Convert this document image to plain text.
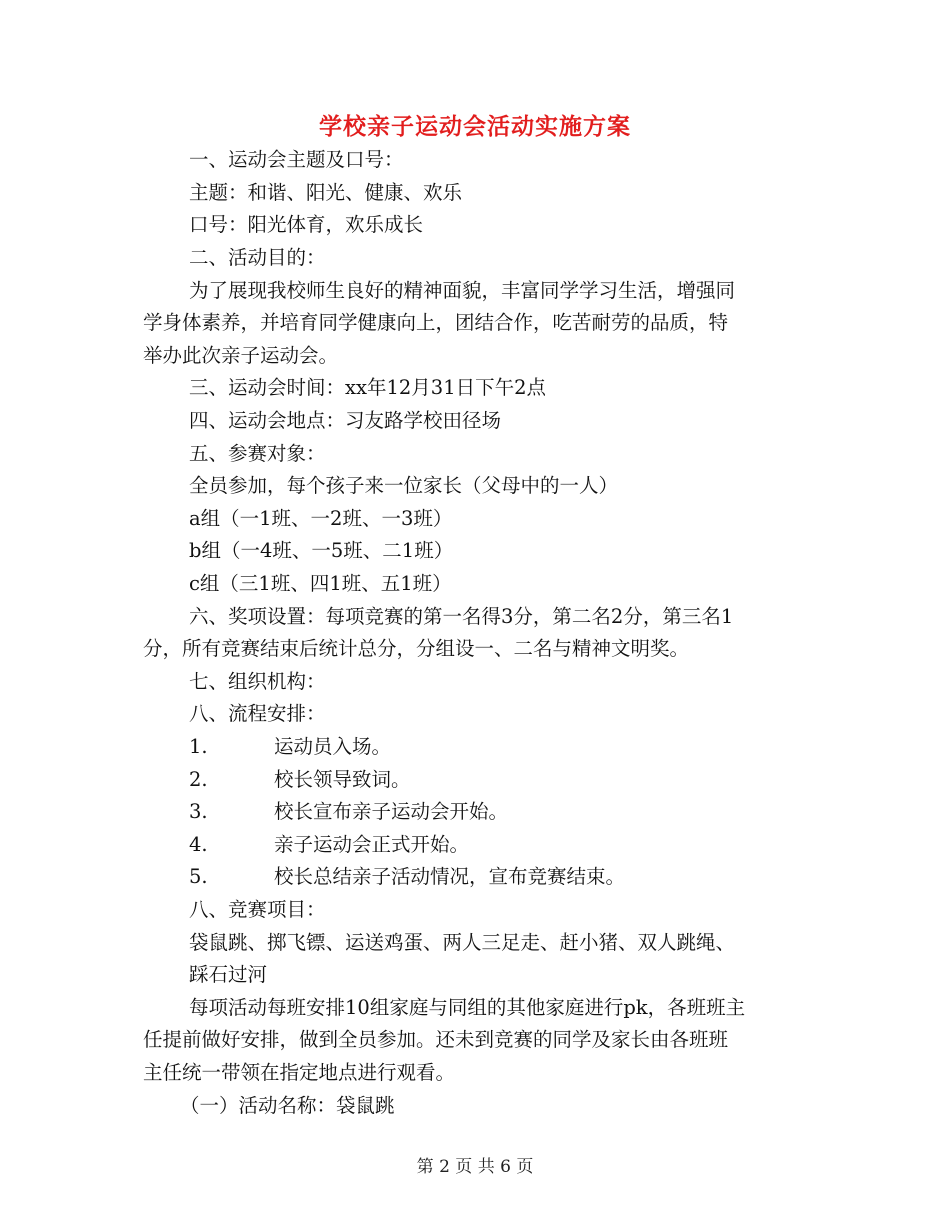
学校亲子运动会活动实施方案
一、运动会主题及口号：
主题：和谐、阳光、健康、欢乐
口号：阳光体育，欢乐成长
二、活动目的：
为了展现我校师生良好的精神面貌，丰富同学学习生活，增强同
学身体素养，并培育同学健康向上，团结合作，吃苦耐劳的品质，特
举办此次亲子运动会。
三、运动会时间：xx年12月31日下午2点
四、运动会地点：习友路学校田径场
五、参赛对象：
全员参加，每个孩子来一位家长（父母中的一人）
a组（一1班、一2班、一3班）
b组（一4班、一5班、二1班）
c组（三1班、四1班、五1班）
六、奖项设置：每项竞赛的第一名得3分，第二名2分，第三名1
分，所有竞赛结束后统计总分，分组设一、二名与精神文明奖。
七、组织机构：
八、流程安排：
1.	运动员入场。
2.	校长领导致词。
3.	校长宣布亲子运动会开始。
4.	亲子运动会正式开始。
5.	校长总结亲子活动情况，宣布竞赛结束。
八、竞赛项目：
袋鼠跳、掷飞镖、运送鸡蛋、两人三足走、赶小猪、双人跳绳、
踩石过河
每项活动每班安排10组家庭与同组的其他家庭进行pk，各班班主
任提前做好安排，做到全员参加。还未到竞赛的同学及家长由各班班
主任统一带领在指定地点进行观看。
（一）活动名称：袋鼠跳
第 2 页 共 6 页
